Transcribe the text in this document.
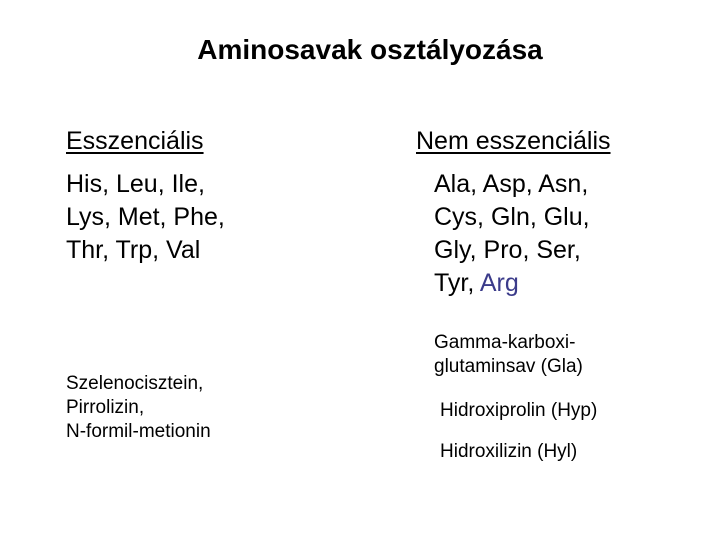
Aminosavak osztályozása
Esszenciális
His, Leu, Ile,
Lys, Met, Phe,
Thr, Trp, Val
Nem esszenciális
Ala, Asp, Asn,
Cys, Gln, Glu,
Gly, Pro, Ser,
Tyr, Arg
Szelenocisztein,
Pirrolizin,
N-formil-metionin
Gamma-karboxi-
glutaminsav (Gla)
Hidroxiprolin (Hyp)
Hidroxilizin (Hyl)
